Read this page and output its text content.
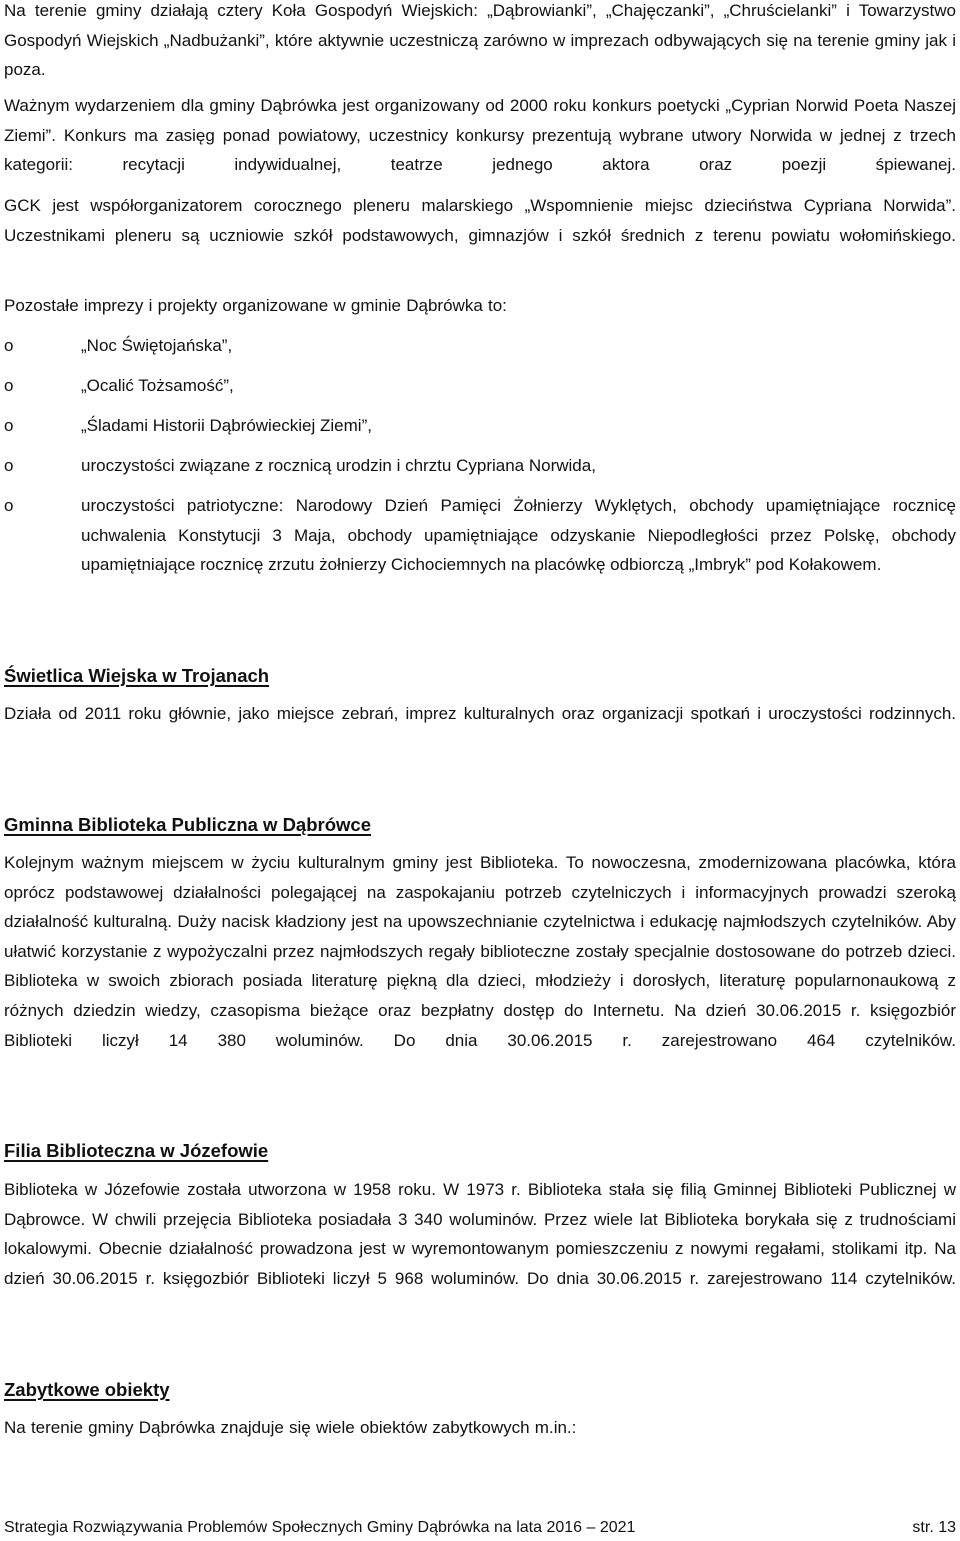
Na terenie gminy działają cztery Koła Gospodyń Wiejskich: „Dąbrowianki”, „Chajęczanki”, „Chruścielanki” i Towarzystwo Gospodyń Wiejskich „Nadbużanki”, które aktywnie uczestniczą zarówno w imprezach odbywających się na terenie gminy jak i poza.

Ważnym wydarzeniem dla gminy Dąbrówka jest organizowany od 2000 roku konkurs poetycki „Cyprian Norwid Poeta Naszej Ziemi”. Konkurs ma zasięg ponad powiatowy, uczestnicy konkursy prezentują wybrane utwory Norwida w jednej z trzech kategorii: recytacji indywidualnej, teatrze jednego aktora oraz poezji śpiewanej.

GCK jest współorganizatorem corocznego pleneru malarskiego „Wspomnienie miejsc dzieciństwa Cypriana Norwida”. Uczestnikami pleneru są uczniowie szkół podstawowych, gimnazjów i szkół średnich z terenu powiatu wołomińskiego.

Pozostałe imprezy i projekty organizowane w gminie Dąbrówka to:

o	„Noc Świętojańska”,
o	„Ocalić Tożsamość”,
o	„Śladami Historii Dąbrówieckiej Ziemi”,
o	uroczystości związane z rocznicą urodzin i chrztu Cypriana Norwida,
o	uroczystości patriotyczne: Narodowy Dzień Pamięci Żołnierzy Wyklętych, obchody upamiętniające rocznicę uchwalenia Konstytucji 3 Maja, obchody upamiętniające odzyskanie Niepodległości przez Polskę, obchody upamiętniające rocznicę zrzutu żołnierzy Cichociemnych na placówkę odbiorczą „Imbryk” pod Kołakowem.
Świetlica Wiejska w Trojanach

Działa od 2011 roku głównie, jako miejsce zebrań, imprez kulturalnych oraz organizacji spotkań i uroczystości rodzinnych.

Gminna Biblioteka Publiczna w Dąbrówce

Kolejnym ważnym miejscem w życiu kulturalnym gminy jest Biblioteka. To nowoczesna, zmodernizowana placówka, która oprócz podstawowej działalności polegającej na zaspokajaniu potrzeb czytelniczych i informacyjnych prowadzi szeroką działalność kulturalną. Duży nacisk kładziony jest na upowszechnianie czytelnictwa i edukację najmłodszych czytelników. Aby ułatwić korzystanie z wypożyczalni przez najmłodszych regały biblioteczne zostały specjalnie dostosowane do potrzeb dzieci. Biblioteka w swoich zbiorach posiada literaturę piękną dla dzieci, młodzieży i dorosłych, literaturę popularnonaukową z różnych dziedzin wiedzy, czasopisma bieżące oraz bezpłatny dostęp do Internetu. Na dzień 30.06.2015 r. księgozbiór Biblioteki liczył 14 380 woluminów. Do dnia 30.06.2015 r. zarejestrowano 464 czytelników.

Filia Biblioteczna w Józefowie

Biblioteka w Józefowie została utworzona w 1958 roku. W 1973 r. Biblioteka stała się filią Gminnej Biblioteki Publicznej w Dąbrowce. W chwili przejęcia Biblioteka posiadała 3 340 woluminów. Przez wiele lat Biblioteka borykała się z trudnościami lokalowymi. Obecnie działalność prowadzona jest w wyremontowanym pomieszczeniu z nowymi regałami, stolikami itp. Na dzień 30.06.2015 r. księgozbiór Biblioteki liczył 5 968 woluminów. Do dnia 30.06.2015 r. zarejestrowano 114 czytelników.

Zabytkowe obiekty

Na terenie gminy Dąbrówka znajduje się wiele obiektów zabytkowych m.in.:

Strategia Rozwiązywania Problemów Społecznych Gminy Dąbrówka na lata 2016 – 2021	str. 13
